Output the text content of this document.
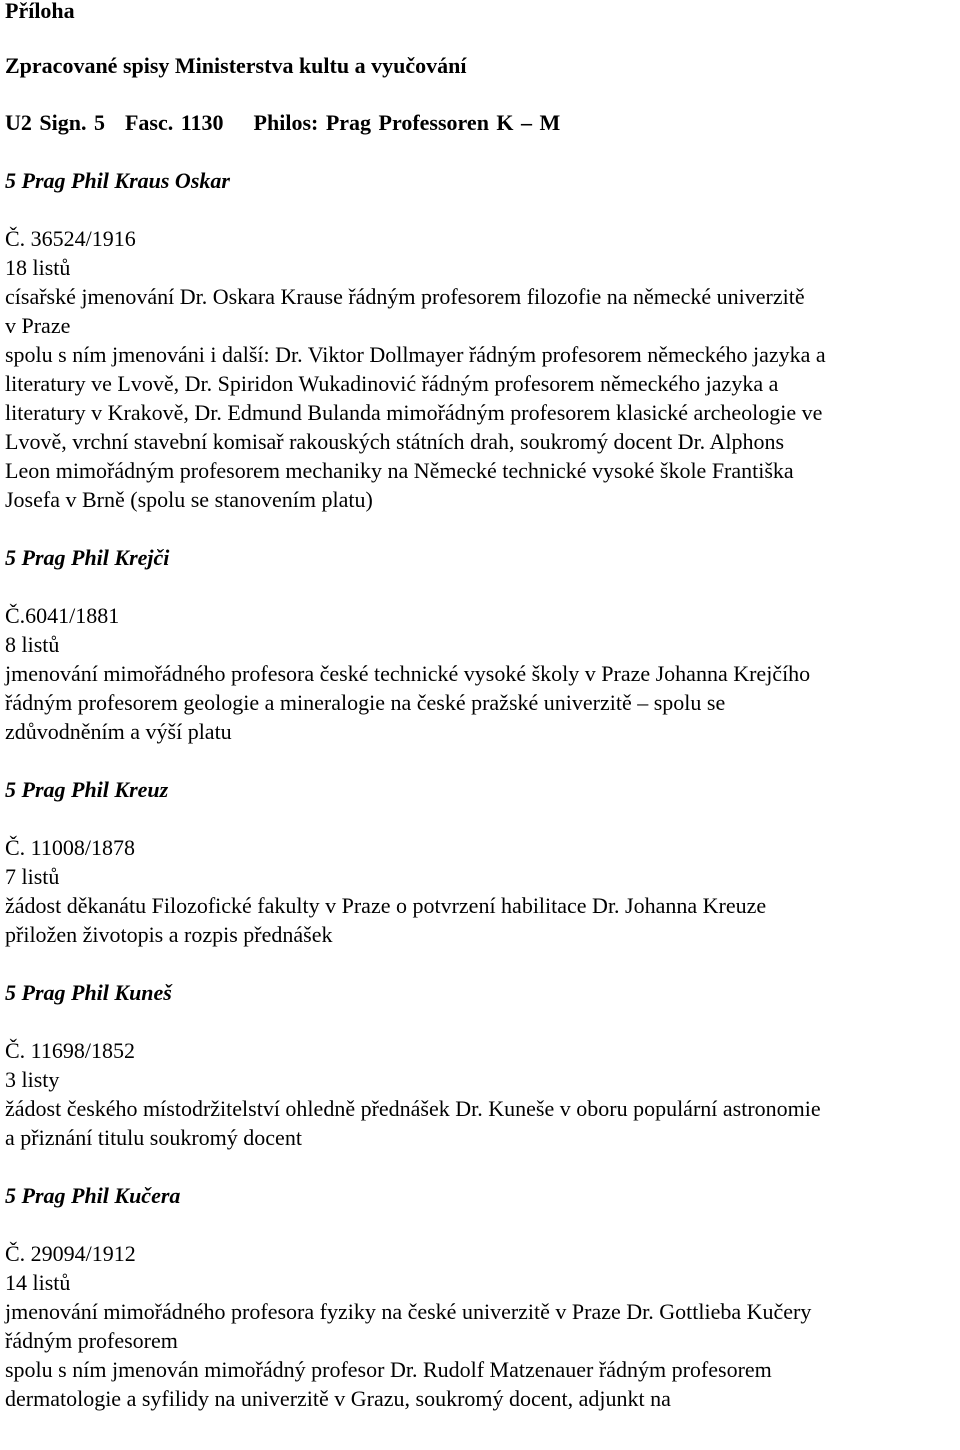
Příloha
Zpracované spisy Ministerstva kultu a vyučování
U2 Sign. 5 Fasc. 1130 Philos: Prag Professoren K – M
5 Prag Phil Kraus Oskar
Č. 36524/1916
18 listů
císařské jmenování Dr. Oskara Krause řádným profesorem filozofie na německé univerzitě
v Praze
spolu s ním jmenováni i další: Dr. Viktor Dollmayer řádným profesorem německého jazyka a
literatury ve Lvově, Dr. Spiridon Wukadinović řádným profesorem německého jazyka a
literatury v Krakově, Dr. Edmund Bulanda mimořádným profesorem klasické archeologie ve
Lvově, vrchní stavební komisař rakouských státních drah, soukromý docent Dr. Alphons
Leon mimořádným profesorem mechaniky na Německé technické vysoké škole Františka
Josefa v Brně (spolu se stanovením platu)
5 Prag Phil Krejči
Č.6041/1881
8 listů
jmenování mimořádného profesora české technické vysoké školy v Praze Johanna Krejčího
řádným profesorem geologie a mineralogie na české pražské univerzitě – spolu se
zdůvodněním a výší platu
5 Prag Phil Kreuz
Č. 11008/1878
7 listů
žádost děkanátu Filozofické fakulty v Praze o potvrzení habilitace Dr. Johanna Kreuze
přiložen životopis a rozpis přednášek
5 Prag Phil Kuneš
Č. 11698/1852
3 listy
žádost českého místodržitelství ohledně přednášek Dr. Kuneše v oboru populární astronomie
a přiznání titulu soukromý docent
5 Prag Phil Kučera
Č. 29094/1912
14 listů
jmenování mimořádného profesora fyziky na české univerzitě v Praze Dr. Gottlieba Kučery
řádným profesorem
spolu s ním jmenován mimořádný profesor Dr. Rudolf Matzenauer řádným profesorem
dermatologie a syfilidy na univerzitě v Grazu, soukromý docent, adjunkt na
